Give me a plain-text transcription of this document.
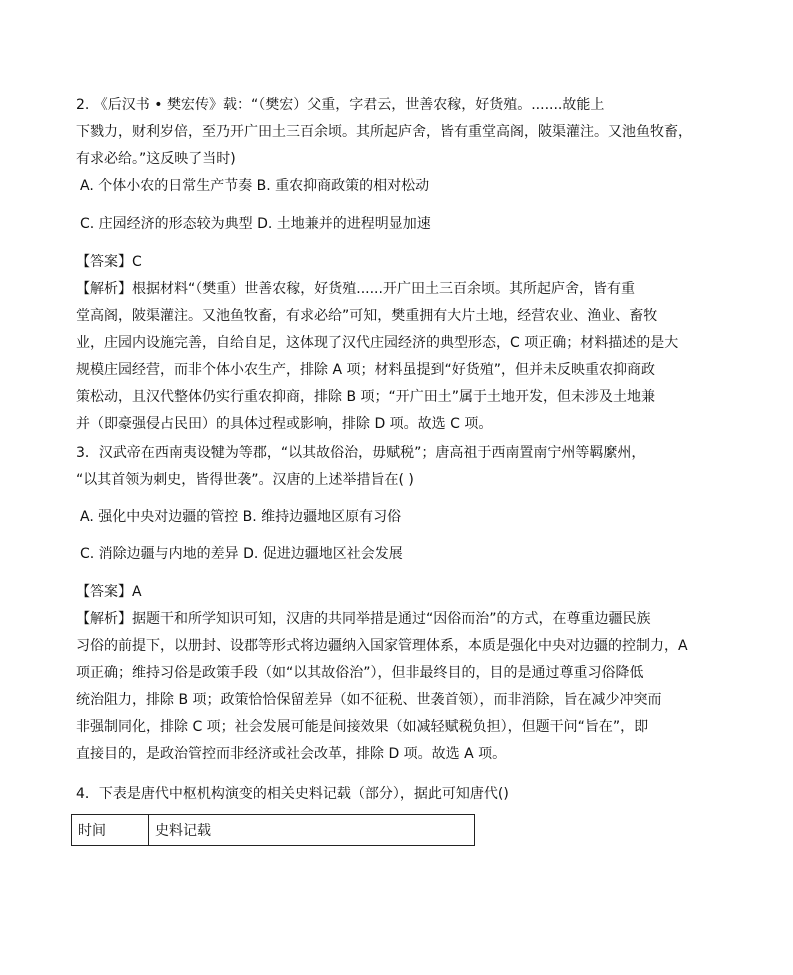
2. 《后汉书 • 樊宏传》载：“（樊宏）父重，字君云，世善农稼，好货殖。.......故能上
下戮力，财利岁倍，至乃开广田土三百余顷。其所起庐舍，皆有重堂高阁，陂渠灌注。又池鱼牧畜，
有求必给。”这反映了当时)
A. 个体小农的日常生产节奏 B. 重农抑商政策的相对松动
C. 庄园经济的形态较为典型 D. 土地兼并的进程明显加速
【答案】C
【解析】根据材料“（樊重）世善农稼，好货殖......开广田土三百余顷。其所起庐舍，皆有重
堂高阁，陂渠灌注。又池鱼牧畜，有求必给”可知，樊重拥有大片土地，经营农业、渔业、畜牧
业，庄园内设施完善，自给自足，这体现了汉代庄园经济的典型形态，C 项正确；材料描述的是大
规模庄园经营，而非个体小农生产，排除 A 项；材料虽提到“好货殖”，但并未反映重农抑商政
策松动，且汉代整体仍实行重农抑商，排除 B 项；“开广田土”属于土地开发，但未涉及土地兼
并（即豪强侵占民田）的具体过程或影响，排除 D 项。故选 C 项。
3．汉武帝在西南夷设犍为等郡，“以其故俗治，毋赋税”；唐高祖于西南置南宁州等羁縻州，
“以其首领为刺史，皆得世袭”。汉唐的上述举措旨在( )
A. 强化中央对边疆的管控 B. 维持边疆地区原有习俗
C. 消除边疆与内地的差异 D. 促进边疆地区社会发展
【答案】A
【解析】据题干和所学知识可知，汉唐的共同举措是通过“因俗而治”的方式，在尊重边疆民族
习俗的前提下，以册封、设郡等形式将边疆纳入国家管理体系，本质是强化中央对边疆的控制力，A
项正确；维持习俗是政策手段（如“以其故俗治”），但非最终目的，目的是通过尊重习俗降低
统治阻力，排除 B 项；政策恰恰保留差异（如不征税、世袭首领），而非消除，旨在减少冲突而
非强制同化，排除 C 项；社会发展可能是间接效果（如减轻赋税负担），但题干问“旨在”，即
直接目的，是政治管控而非经济或社会改革，排除 D 项。故选 A 项。
4．下表是唐代中枢机构演变的相关史料记载（部分），据此可知唐代()
时间	史料记载
